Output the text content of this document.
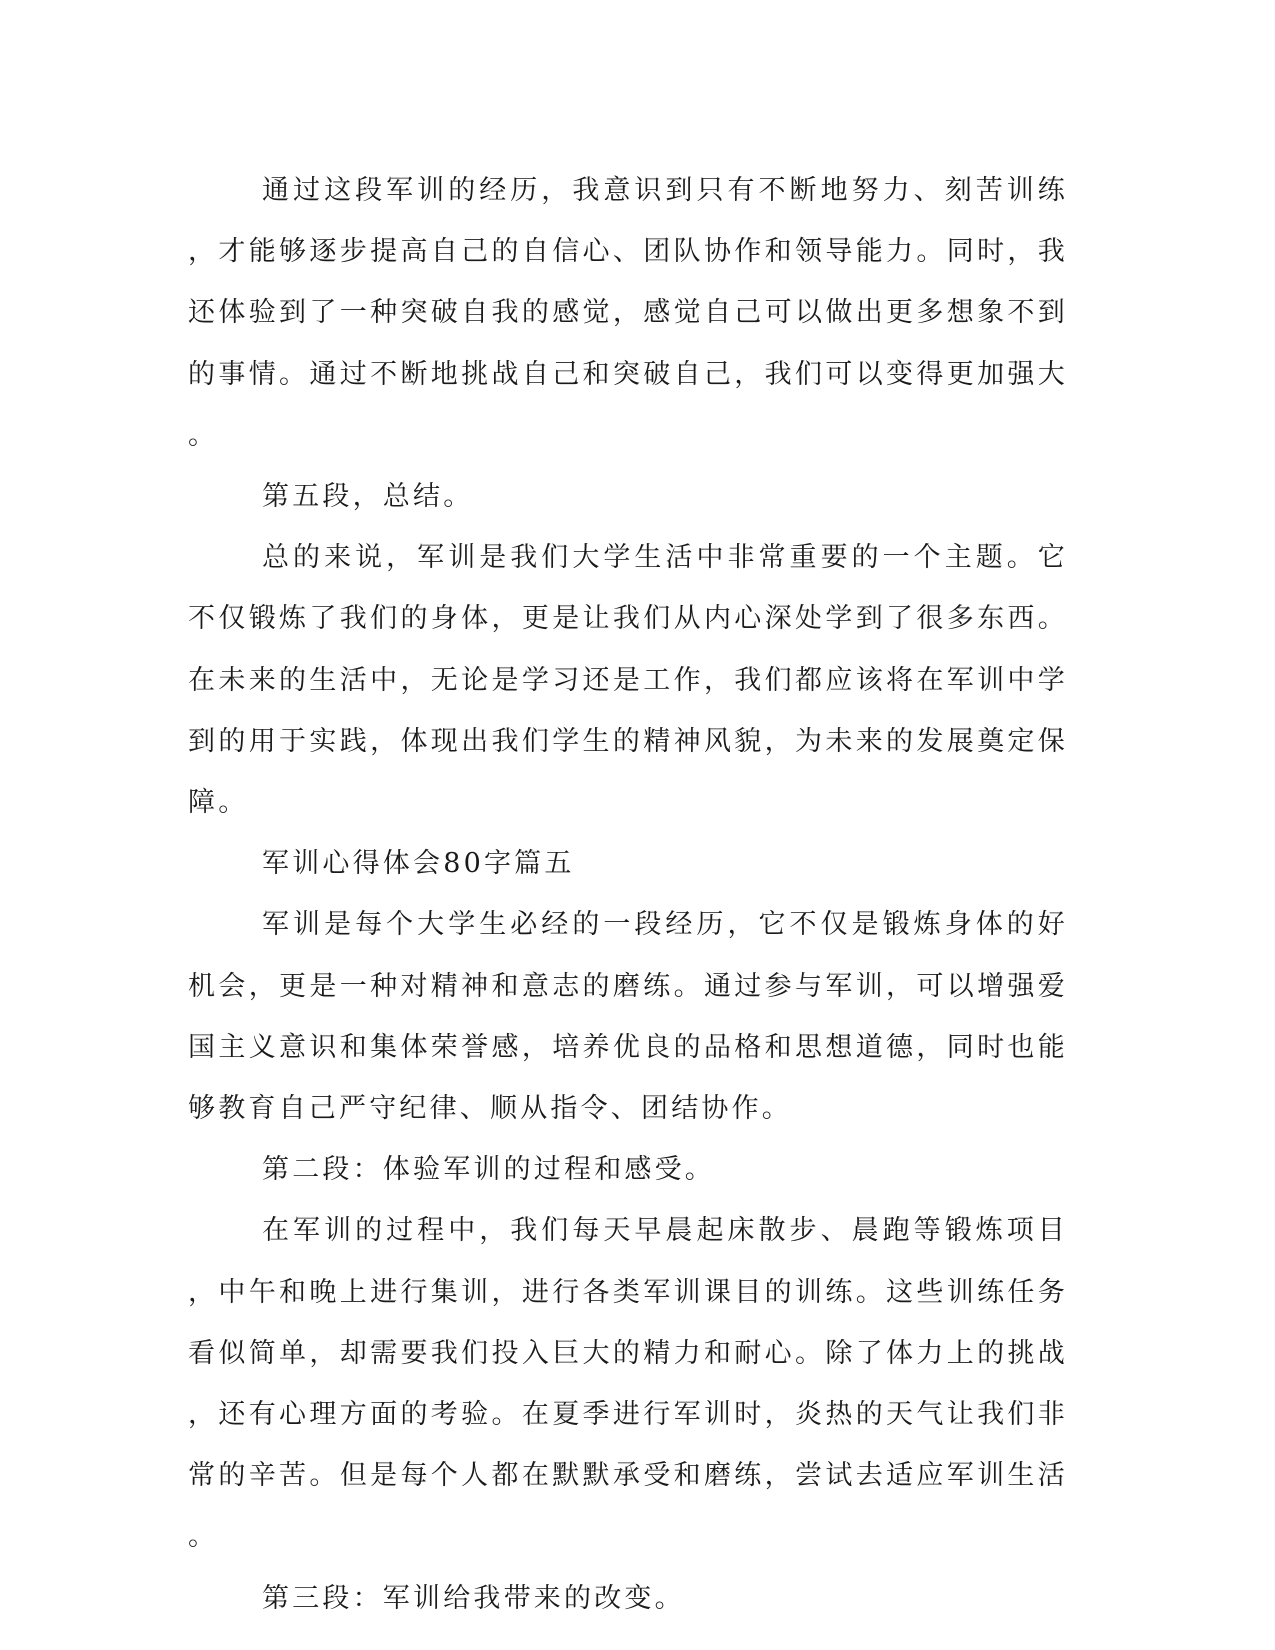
通过这段军训的经历，我意识到只有不断地努力、刻苦训练，才能够逐步提高自己的自信心、团队协作和领导能力。同时，我还体验到了一种突破自我的感觉，感觉自己可以做出更多想象不到的事情。通过不断地挑战自己和突破自己，我们可以变得更加强大。

第五段，总结。

总的来说，军训是我们大学生活中非常重要的一个主题。它不仅锻炼了我们的身体，更是让我们从内心深处学到了很多东西。在未来的生活中，无论是学习还是工作，我们都应该将在军训中学到的用于实践，体现出我们学生的精神风貌，为未来的发展奠定保障。

军训心得体会80字篇五

军训是每个大学生必经的一段经历，它不仅是锻炼身体的好机会，更是一种对精神和意志的磨练。通过参与军训，可以增强爱国主义意识和集体荣誉感，培养优良的品格和思想道德，同时也能够教育自己严守纪律、顺从指令、团结协作。

第二段：体验军训的过程和感受。

在军训的过程中，我们每天早晨起床散步、晨跑等锻炼项目，中午和晚上进行集训，进行各类军训课目的训练。这些训练任务看似简单，却需要我们投入巨大的精力和耐心。除了体力上的挑战，还有心理方面的考验。在夏季进行军训时，炎热的天气让我们非常的辛苦。但是每个人都在默默承受和磨练，尝试去适应军训生活。

第三段：军训给我带来的改变。
